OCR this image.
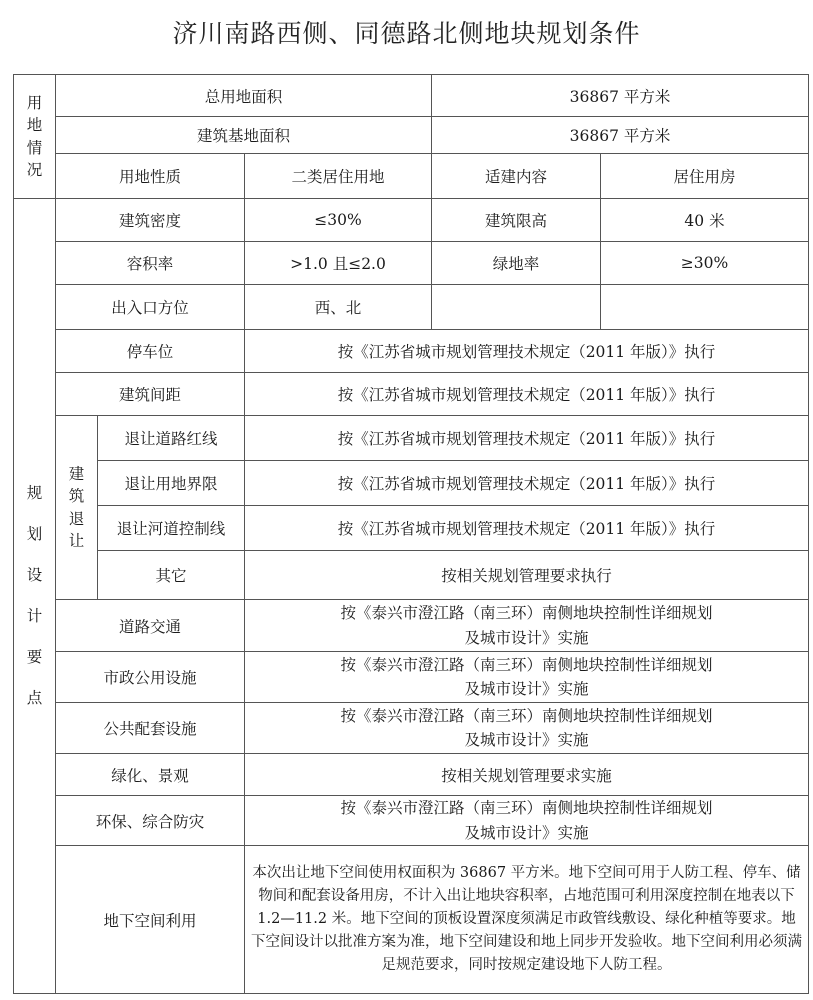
济川南路西侧、同德路北侧地块规划条件
用地情况	总用地面积			36867 平方米	
	建筑基地面积			36867 平方米	
	用地性质		二类居住用地	适建内容	居住用房
规划设计要点	建筑密度		≤30%	建筑限高	40 米
	容积率		>1.0 且≤2.0	绿地率	≥30%
	出入口方位		西、北		
	停车位		按《江苏省城市规划管理技术规定（2011 年版）》执行		
	建筑间距		按《江苏省城市规划管理技术规定（2011 年版）》执行		
	建筑退让	退让道路红线	按《江苏省城市规划管理技术规定（2011 年版）》执行		
		退让用地界限	按《江苏省城市规划管理技术规定（2011 年版）》执行		
		退让河道控制线	按《江苏省城市规划管理技术规定（2011 年版）》执行		
		其它	按相关规划管理要求执行		
	道路交通		按《泰兴市澄江路（南三环）南侧地块控制性详细规划
及城市设计》实施		
	市政公用设施		按《泰兴市澄江路（南三环）南侧地块控制性详细规划
及城市设计》实施		
	公共配套设施		按《泰兴市澄江路（南三环）南侧地块控制性详细规划
及城市设计》实施		
	绿化、景观		按相关规划管理要求实施		
	环保、综合防灾		按《泰兴市澄江路（南三环）南侧地块控制性详细规划
及城市设计》实施		
	地下空间利用		本次出让地下空间使用权面积为 36867 平方米。地下空间可用于人防工程、停车、储物间和配套设备用房，不计入出让地块容积率，占地范围可利用深度控制在地表以下 1.2—11.2 米。地下空间的顶板设置深度须满足市政管线敷设、绿化种植等要求。地下空间设计以批准方案为准，地下空间建设和地上同步开发验收。地下空间利用必须满足规范要求，同时按规定建设地下人防工程。		
